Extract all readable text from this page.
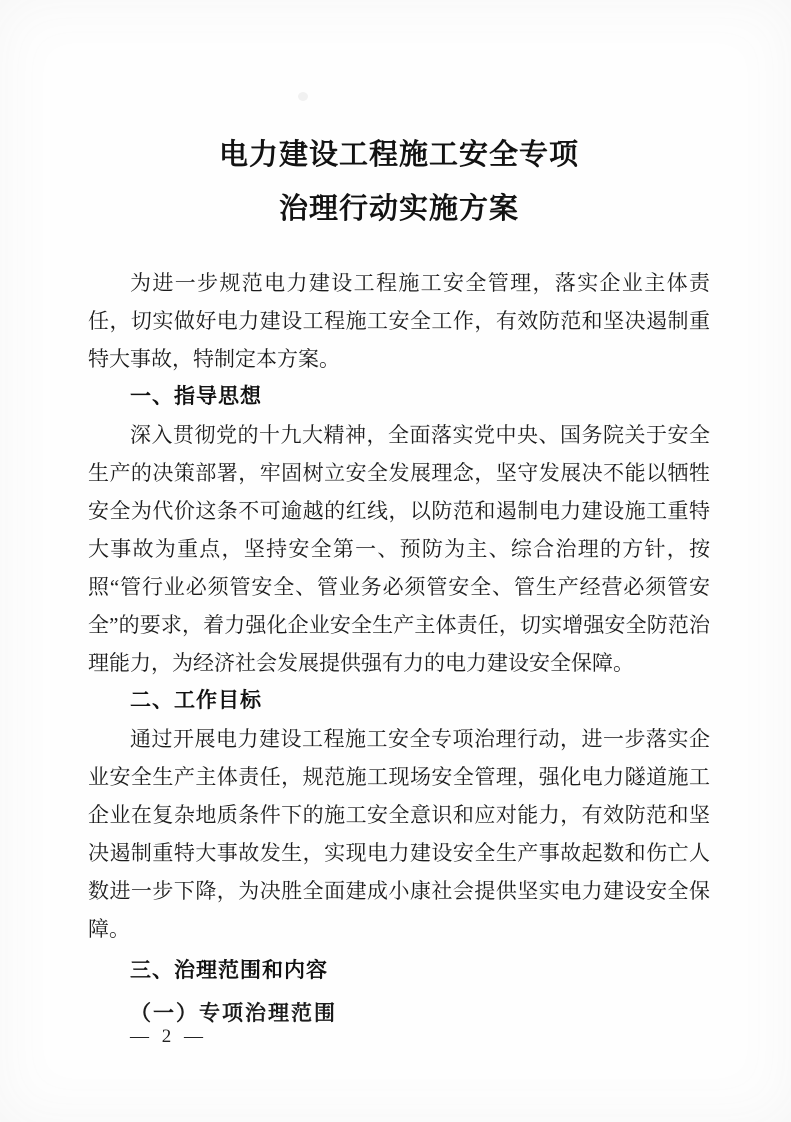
电力建设工程施工安全专项
治理行动实施方案

为进一步规范电力建设工程施工安全管理，落实企业主体责任，切实做好电力建设工程施工安全工作，有效防范和坚决遏制重特大事故，特制定本方案。

一、指导思想

深入贯彻党的十九大精神，全面落实党中央、国务院关于安全生产的决策部署，牢固树立安全发展理念，坚守发展决不能以牺牲安全为代价这条不可逾越的红线，以防范和遏制电力建设施工重特大事故为重点，坚持安全第一、预防为主、综合治理的方针，按照“管行业必须管安全、管业务必须管安全、管生产经营必须管安全”的要求，着力强化企业安全生产主体责任，切实增强安全防范治理能力，为经济社会发展提供强有力的电力建设安全保障。

二、工作目标

通过开展电力建设工程施工安全专项治理行动，进一步落实企业安全生产主体责任，规范施工现场安全管理，强化电力隧道施工企业在复杂地质条件下的施工安全意识和应对能力，有效防范和坚决遏制重特大事故发生，实现电力建设安全生产事故起数和伤亡人数进一步下降，为决胜全面建成小康社会提供坚实电力建设安全保障。

三、治理范围和内容
（一）专项治理范围
— 2 —
